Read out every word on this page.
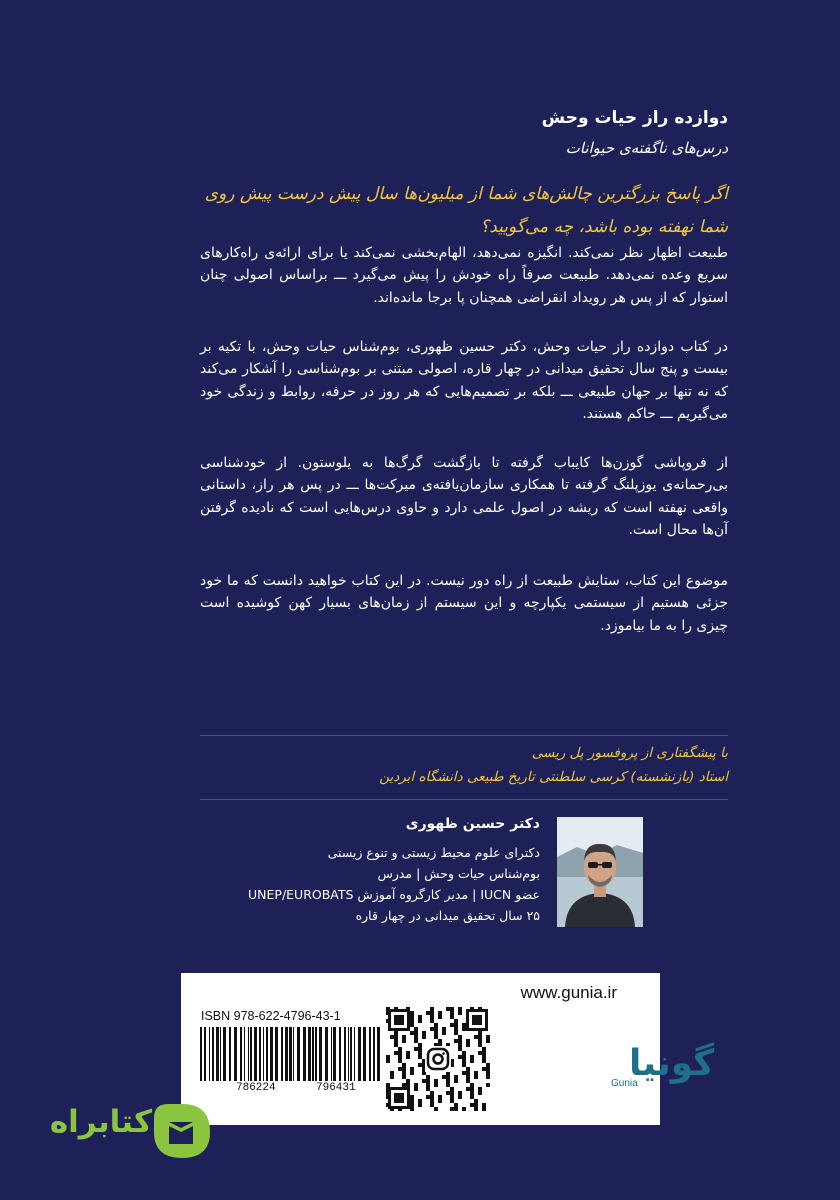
دوازده راز حیات وحش
درس‌های ناگفته‌ی حیوانات
اگر پاسخ بزرگترین چالش‌های شما از میلیون‌ها سال پیش درست پیش روی شما نهفته بوده باشد، چه می‌گویید؟
طبیعت اظهار نظر نمی‌کند. انگیزه نمی‌دهد، الهام‌بخشی نمی‌کند یا برای ارائه‌ی راه‌کارهای سریع وعده نمی‌دهد. طبیعت صرفاً راه خودش را پیش می‌گیرد ـــ براساس اصولی چنان استوار که از پس هر رویداد انقراضی همچنان پا برجا مانده‌اند.
در کتاب دوازده راز حیات وحش، دکتر حسین ظهوری، بوم‌شناس حیات وحش، با تکیه بر بیست و پنج سال تحقیق میدانی در چهار قاره، اصولی مبتنی بر بوم‌شناسی را آشکار می‌کند که نه تنها بر جهان طبیعی ـــ بلکه بر تصمیم‌هایی که هر روز در حرفه، روابط و زندگی خود می‌گیریم ـــ حاکم هستند.
از فروپاشی گوزن‌ها کایباب گرفته تا بازگشت گرگ‌ها به یلوستون. از خودشناسی بی‌رحمانه‌ی یوزپلنگ گرفته تا همکاری سازمان‌یافته‌ی میرکت‌ها ـــ در پس هر راز، داستانی واقعی نهفته است که ریشه در اصول علمی دارد و حاوی درس‌هایی است که نادیده گرفتن آن‌ها محال است.
موضوع این کتاب، ستایش طبیعت از راه دور نیست. در این کتاب خواهید دانست که ما خود جزئی هستیم از سیستمی یکپارچه و این سیستم از زمان‌های بسیار کهن کوشیده است چیزی را به ما بیاموزد.
با پیشگفتاری از پروفسور پل ریسی
استاد (بازنشسته) کرسی سلطنتی تاریخ طبیعی دانشگاه ابردین
دکتر حسین ظهوری
دکترای علوم محیط زیستی و تنوع زیستی
بوم‌شناس حیات وحش | مدرس
عضو IUCN | مدیر کارگروه آموزش UNEP/EUROBATS
۲۵ سال تحقیق میدانی در چهار قاره
www.gunia.ir
ISBN 978-622-4796-43-1
786224	796431
گونیا
Gunia
کتابراه
